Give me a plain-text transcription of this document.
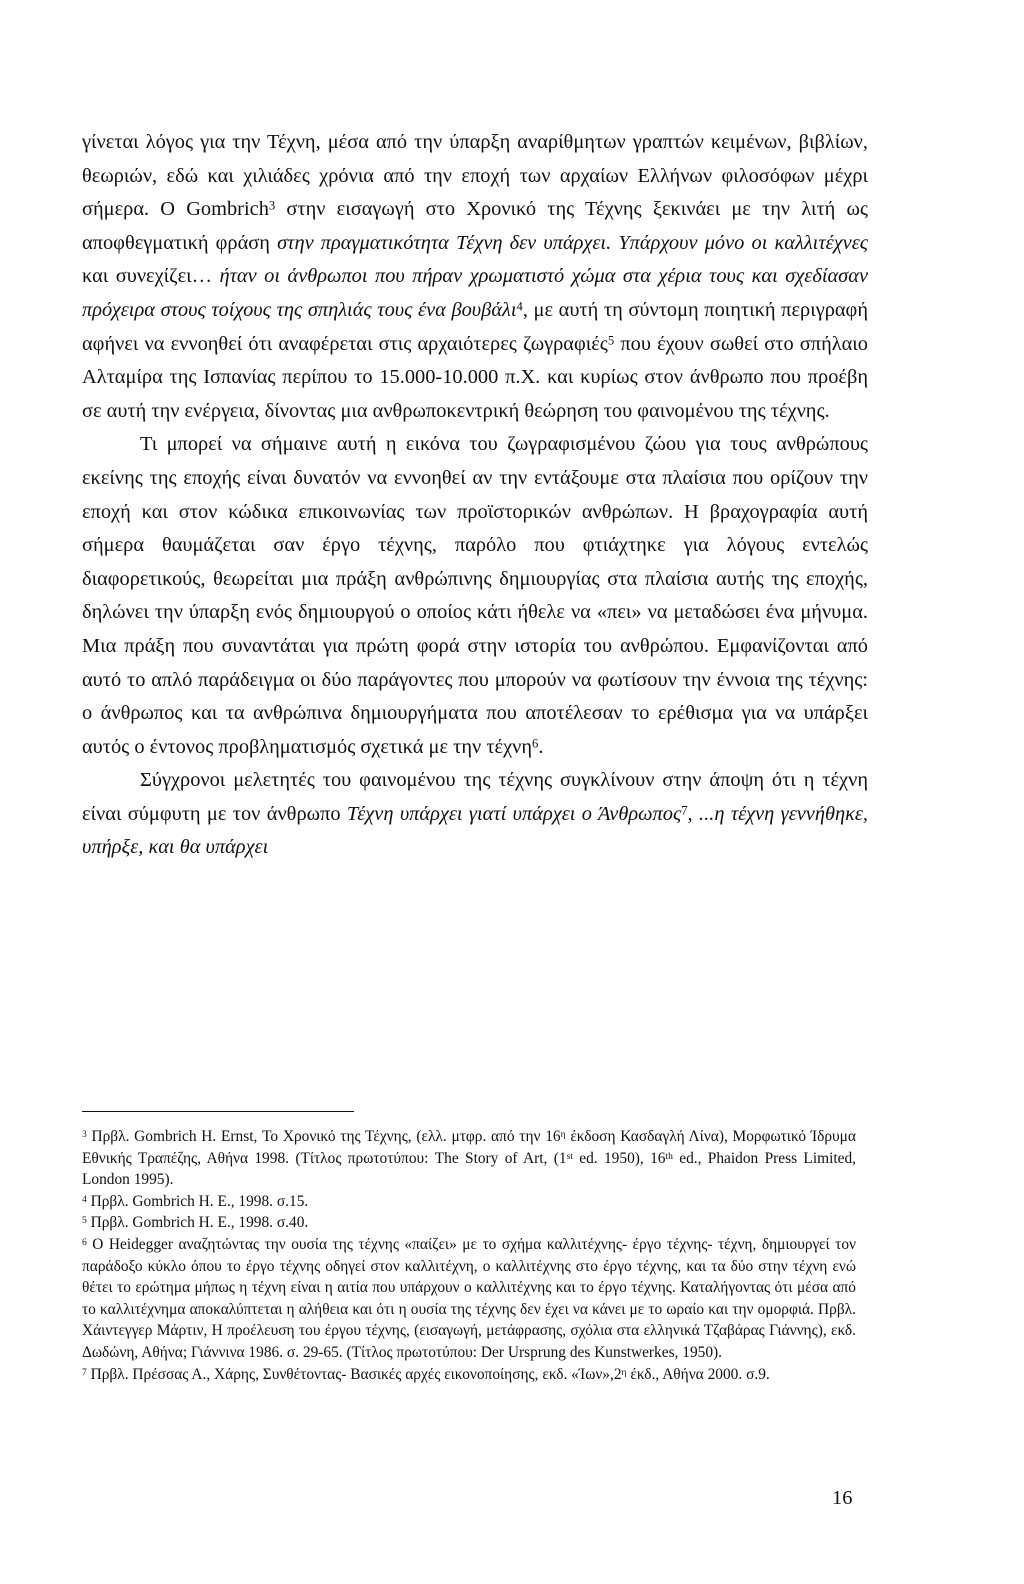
γίνεται λόγος για την Τέχνη, μέσα από την ύπαρξη αναρίθμητων γραπτών κειμένων, βιβλίων, θεωριών, εδώ και χιλιάδες χρόνια από την εποχή των αρχαίων Ελλήνων φιλοσόφων μέχρι σήμερα. Ο Gombrich$^3$ στην εισαγωγή στο Χρονικό της Τέχνης ξεκινάει με την λιτή ως αποφθεγματική φράση στην πραγματικότητα Τέχνη δεν υπάρχει. Υπάρχουν μόνο οι καλλιτέχνες και συνεχίζει… ήταν οι άνθρωποι που πήραν χρωματιστό χώμα στα χέρια τους και σχεδίασαν πρόχειρα στους τοίχους της σπηλιάς τους ένα βουβάλι$^4$, με αυτή τη σύντομη ποιητική περιγραφή αφήνει να εννοηθεί ότι αναφέρεται στις αρχαιότερες ζωγραφιές$^5$ που έχουν σωθεί στο σπήλαιο Αλταμίρα της Ισπανίας περίπου το 15.000-10.000 π.Χ. και κυρίως στον άνθρωπο που προέβη σε αυτή την ενέργεια, δίνοντας μια ανθρωποκεντρική θεώρηση του φαινομένου της τέχνης.

Τι μπορεί να σήμαινε αυτή η εικόνα του ζωγραφισμένου ζώου για τους ανθρώπους εκείνης της εποχής είναι δυνατόν να εννοηθεί αν την εντάξουμε στα πλαίσια που ορίζουν την εποχή και στον κώδικα επικοινωνίας των προϊστορικών ανθρώπων. Η βραχογραφία αυτή σήμερα θαυμάζεται σαν έργο τέχνης, παρόλο που φτιάχτηκε για λόγους εντελώς διαφορετικούς, θεωρείται μια πράξη ανθρώπινης δημιουργίας στα πλαίσια αυτής της εποχής, δηλώνει την ύπαρξη ενός δημιουργού ο οποίος κάτι ήθελε να «πει» να μεταδώσει ένα μήνυμα. Μια πράξη που συναντάται για πρώτη φορά στην ιστορία του ανθρώπου. Εμφανίζονται από αυτό το απλό παράδειγμα οι δύο παράγοντες που μπορούν να φωτίσουν την έννοια της τέχνης: ο άνθρωπος και τα ανθρώπινα δημιουργήματα που αποτέλεσαν το ερέθισμα για να υπάρξει αυτός ο έντονος προβληματισμός σχετικά με την τέχνη$^6$.

Σύγχρονοι μελετητές του φαινομένου της τέχνης συγκλίνουν στην άποψη ότι η τέχνη είναι σύμφυτη με τον άνθρωπο Τέχνη υπάρχει γιατί υπάρχει ο Άνθρωπος$^7$, ...η τέχνη γεννήθηκε, υπήρξε, και θα υπάρχει

$^3$ Πρβλ. Gombrich H. Ernst, Το Χρονικό της Τέχνης, (ελλ. μτφρ. από την $16^\eta$ έκδοση Κασδαγλή Λίνα), Μορφωτικό Ίδρυμα Εθνικής Τραπέζης, Αθήνα 1998. (Τίτλος πρωτοτύπου: The Story of Art, (1st ed. 1950), 16th ed., Phaidon Press Limited, London 1995).

$^4$ Πρβλ. Gombrich H. E., 1998. σ.15.

$^5$ Πρβλ. Gombrich H. E., 1998. σ.40.

$^6$ Ο Heidegger αναζητώντας την ουσία της τέχνης «παίζει» με το σχήμα καλλιτέχνης- έργο τέχνης- τέχνη, δημιουργεί τον παράδοξο κύκλο όπου το έργο τέχνης οδηγεί στον καλλιτέχνη, ο καλλιτέχνης στο έργο τέχνης, και τα δύο στην τέχνη ενώ θέτει το ερώτημα μήπως η τέχνη είναι η αιτία που υπάρχουν ο καλλιτέχνης και το έργο τέχνης. Καταλήγοντας ότι μέσα από το καλλιτέχνημα αποκαλύπτεται η αλήθεια και ότι η ουσία της τέχνης δεν έχει να κάνει με το ωραίο και την ομορφιά. Πρβλ. Χάιντεγγερ Μάρτιν, Η προέλευση του έργου τέχνης, (εισαγωγή, μετάφρασης, σχόλια στα ελληνικά Τζαβάρας Γιάννης), εκδ. Δωδώνη, Αθήνα; Γιάννινα 1986. σ. 29-65. (Τίτλος πρωτοτύπου: Der Ursprung des Kunstwerkes, 1950).

$^7$ Πρβλ. Πρέσσας Α., Χάρης, Συνθέτοντας- Βασικές αρχές εικονοποίησης, εκδ. «$Ί\omega\nu»,2^\eta$ έκδ., Αθήνα 2000. σ.9.

16
